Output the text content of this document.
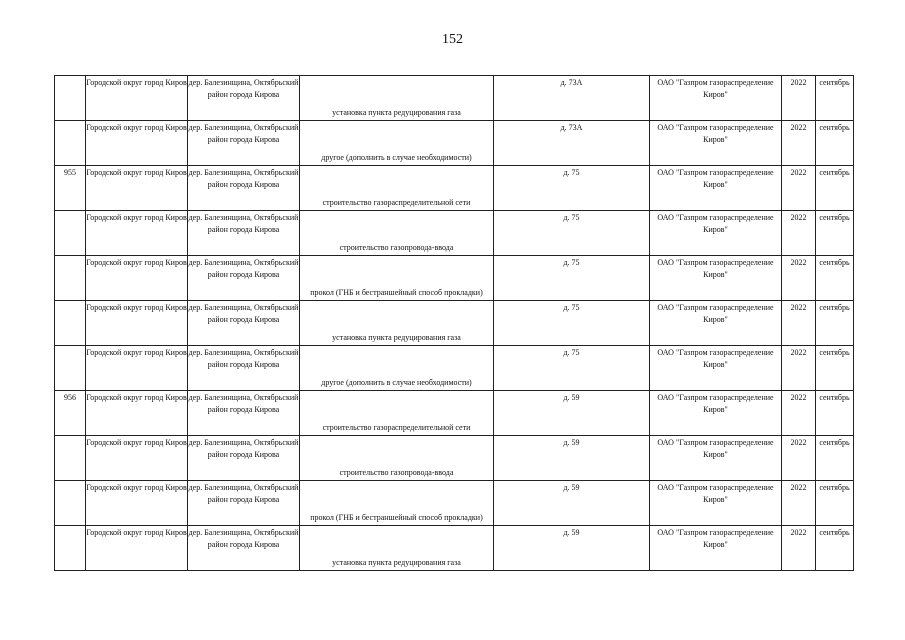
152

	Городской округ город Киров	дер. Балезинщина, Октябрьский район города Кирова	установка пункта редуцирования газа	д. 73А	ОАО "Газпром газораспределение Киров"	2022	сентябрь

	Городской округ город Киров	дер. Балезинщина, Октябрьский район города Кирова	другое (дополнить в случае необходимости)	д. 73А	ОАО "Газпром газораспределение Киров"	2022	сентябрь

955	Городской округ город Киров	дер. Балезинщина, Октябрьский район города Кирова	строительство газораспределительной сети	д. 75	ОАО "Газпром газораспределение Киров"	2022	сентябрь

	Городской округ город Киров	дер. Балезинщина, Октябрьский район города Кирова	строительство газопровода-ввода	д. 75	ОАО "Газпром газораспределение Киров"	2022	сентябрь

	Городской округ город Киров	дер. Балезинщина, Октябрьский район города Кирова	прокол (ГНБ и бестраншейный способ прокладки)	д. 75	ОАО "Газпром газораспределение Киров"	2022	сентябрь

	Городской округ город Киров	дер. Балезинщина, Октябрьский район города Кирова	установка пункта редуцирования газа	д. 75	ОАО "Газпром газораспределение Киров"	2022	сентябрь

	Городской округ город Киров	дер. Балезинщина, Октябрьский район города Кирова	другое (дополнить в случае необходимости)	д. 75	ОАО "Газпром газораспределение Киров"	2022	сентябрь

956	Городской округ город Киров	дер. Балезинщина, Октябрьский район города Кирова	строительство газораспределительной сети	д. 59	ОАО "Газпром газораспределение Киров"	2022	сентябрь

	Городской округ город Киров	дер. Балезинщина, Октябрьский район города Кирова	строительство газопровода-ввода	д. 59	ОАО "Газпром газораспределение Киров"	2022	сентябрь

	Городской округ город Киров	дер. Балезинщина, Октябрьский район города Кирова	прокол (ГНБ и бестраншейный способ прокладки)	д. 59	ОАО "Газпром газораспределение Киров"	2022	сентябрь

	Городской округ город Киров	дер. Балезинщина, Октябрьский район города Кирова	установка пункта редуцирования газа	д. 59	ОАО "Газпром газораспределение Киров"	2022	сентябрь
